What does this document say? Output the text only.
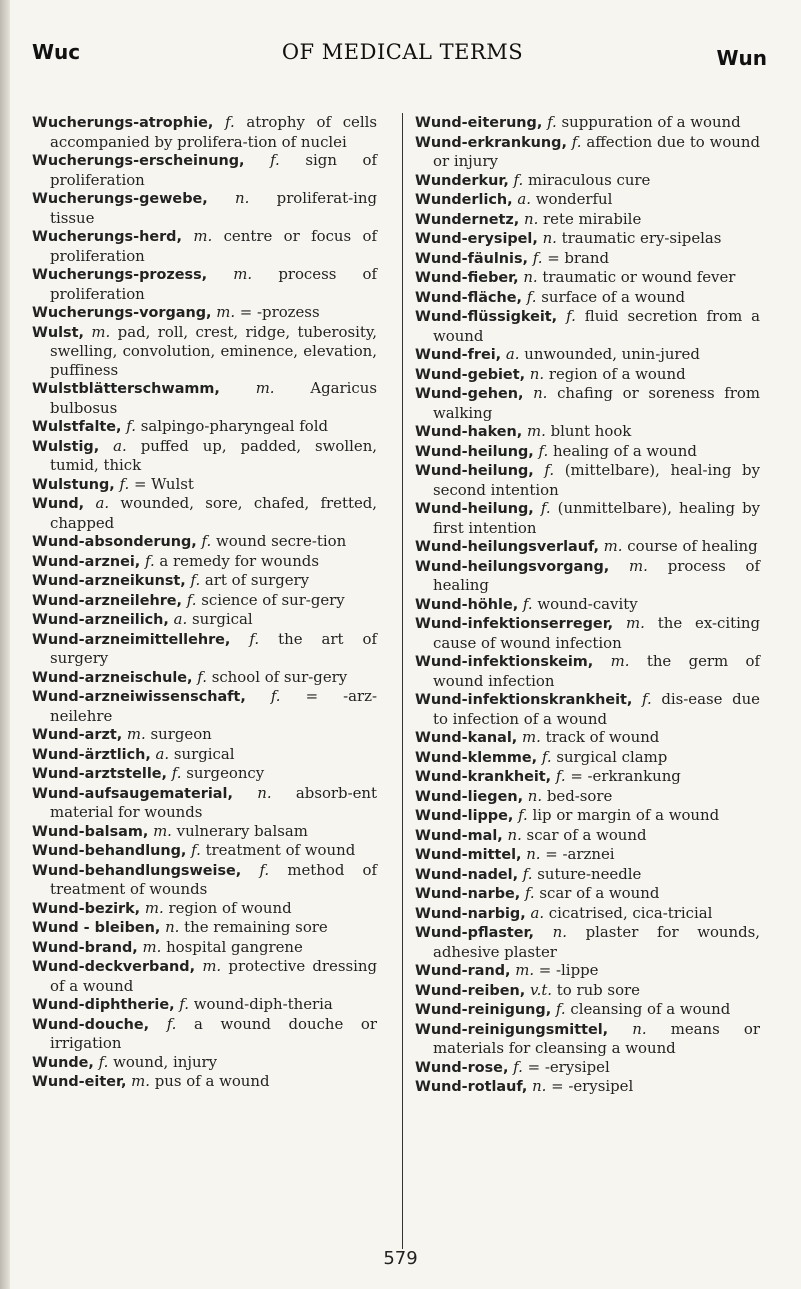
Wuc	OF MEDICAL TERMS	Wun
Wucherungs-atrophie, f. atrophy of cells accompanied by prolifera-tion of nuclei
Wucherungs-erscheinung, f. sign of proliferation
Wucherungs-gewebe, n. proliferat-ing tissue
Wucherungs-herd, m. centre or focus of proliferation
Wucherungs-prozess, m. process of proliferation
Wucherungs-vorgang, m. = -prozess
Wulst, m. pad, roll, crest, ridge, tuberosity, swelling, convolution, eminence, elevation, puffiness
Wulstblätterschwamm, m. Agaricus bulbosus
Wulstfalte, f. salpingo-pharyngeal fold
Wulstig, a. puffed up, padded, swollen, tumid, thick
Wulstung, f. = Wulst
Wund, a. wounded, sore, chafed, fretted, chapped
Wund-absonderung, f. wound secre-tion
Wund-arznei, f. a remedy for wounds
Wund-arzneikunst, f. art of surgery
Wund-arzneilehre, f. science of sur-gery
Wund-arzneilich, a. surgical
Wund-arzneimittellehre, f. the art of surgery
Wund-arzneischule, f. school of sur-gery
Wund-arzneiwissenschaft, f. = -arz-neilehre
Wund-arzt, m. surgeon
Wund-ärztlich, a. surgical
Wund-arztstelle, f. surgeoncy
Wund-aufsaugematerial, n. absorb-ent material for wounds
Wund-balsam, m. vulnerary balsam
Wund-behandlung, f. treatment of wound
Wund-behandlungsweise, f. method of treatment of wounds
Wund-bezirk, m. region of wound
Wund - bleiben, n. the remaining sore
Wund-brand, m. hospital gangrene
Wund-deckverband, m. protective dressing of a wound
Wund-diphtherie, f. wound-diph-theria
Wund-douche, f. a wound douche or irrigation
Wunde, f. wound, injury
Wund-eiter, m. pus of a wound
Wund-eiterung, f. suppuration of a wound
Wund-erkrankung, f. affection due to wound or injury
Wunderkur, f. miraculous cure
Wunderlich, a. wonderful
Wundernetz, n. rete mirabile
Wund-erysipel, n. traumatic ery-sipelas
Wund-fäulnis, f. = brand
Wund-fieber, n. traumatic or wound fever
Wund-fläche, f. surface of a wound
Wund-flüssigkeit, f. fluid secretion from a wound
Wund-frei, a. unwounded, unin-jured
Wund-gebiet, n. region of a wound
Wund-gehen, n. chafing or soreness from walking
Wund-haken, m. blunt hook
Wund-heilung, f. healing of a wound
Wund-heilung, f. (mittelbare), heal-ing by second intention
Wund-heilung, f. (unmittelbare), healing by first intention
Wund-heilungsverlauf, m. course of healing
Wund-heilungsvorgang, m. process of healing
Wund-höhle, f. wound-cavity
Wund-infektionserreger, m. the ex-citing cause of wound infection
Wund-infektionskeim, m. the germ of wound infection
Wund-infektionskrankheit, f. dis-ease due to infection of a wound
Wund-kanal, m. track of wound
Wund-klemme, f. surgical clamp
Wund-krankheit, f. = -erkrankung
Wund-liegen, n. bed-sore
Wund-lippe, f. lip or margin of a wound
Wund-mal, n. scar of a wound
Wund-mittel, n. = -arznei
Wund-nadel, f. suture-needle
Wund-narbe, f. scar of a wound
Wund-narbig, a. cicatrised, cica-tricial
Wund-pflaster, n. plaster for wounds, adhesive plaster
Wund-rand, m. = -lippe
Wund-reiben, v.t. to rub sore
Wund-reinigung, f. cleansing of a wound
Wund-reinigungsmittel, n. means or materials for cleansing a wound
Wund-rose, f. = -erysipel
Wund-rotlauf, n. = -erysipel
579
